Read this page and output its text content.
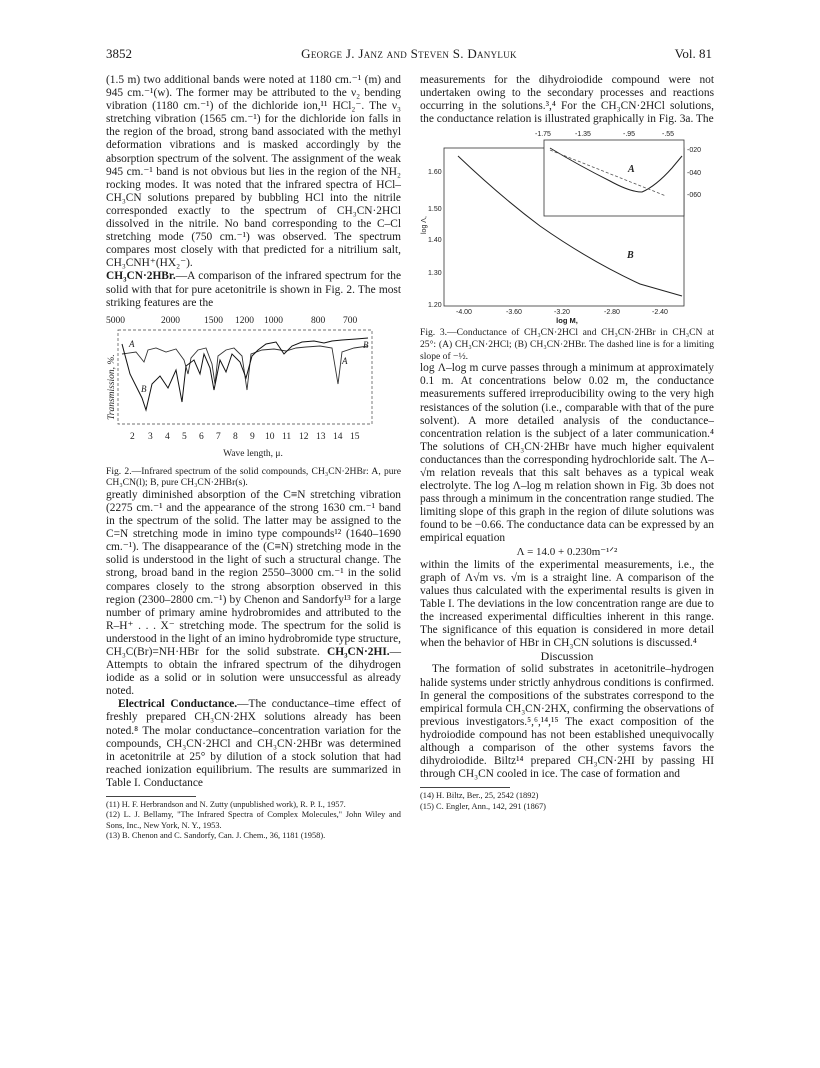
3852	George J. Janz and Steven S. Danyluk	Vol. 81

(1.5 m) two additional bands were noted at 1180 cm.⁻¹ (m) and 945 cm.⁻¹(w). The former may be attributed to the ν₂ bending vibration (1180 cm.⁻¹) of the dichloride ion,¹¹ HCl₂⁻. The ν₃ stretching vibration (1565 cm.⁻¹) for the dichloride ion falls in the region of the broad, strong band associated with the methyl deformation vibrations and is masked accordingly by the absorption spectrum of the solvent. The assignment of the weak 945 cm.⁻¹ band is not obvious but lies in the region of the NH₂ rocking modes. It was noted that the infrared spectra of HCl–CH₃CN solutions prepared by bubbling HCl into the nitrile corresponded exactly to the spectrum of CH₃CN·2HCl dissolved in the nitrile. No band corresponding to the C–Cl stretching mode (750 cm.⁻¹) was observed. The spectrum compares most closely with that predicted for a nitrilium salt, CH₃CNH⁺(HX₂⁻).

CH₃CN·2HBr.—A comparison of the infrared spectrum for the solid with that for pure acetonitrile is shown in Fig. 2. The most striking features are the

5000	2000	1500 1200 1000	800 700
A
B
B
A
Transmission, %.
2 3 4 5 6 7 8 9 10 11 12 13 14 15
Wave length, μ.

Fig. 2.—Infrared spectrum of the solid compounds, CH₃CN·2HBr: A, pure CH₃CN(l); B, pure CH₃CN·2HBr(s).

greatly diminished absorption of the C≡N stretching vibration (2275 cm.⁻¹ and the appearance of the strong 1630 cm.⁻¹ band in the spectrum of the solid. The latter may be assigned to the C=N stretching mode in imino type compounds¹² (1640–1690 cm.⁻¹). The disappearance of the (C≡N) stretching mode in the solid is understood in the light of such a structural change. The strong, broad band in the region 2550–3000 cm.⁻¹ in the solid compares closely to the strong absorption observed in this region (2300–2800 cm.⁻¹) by Chenon and Sandorfy¹³ for a large number of primary amine hydrobromides and attributed to the R–H⁺ . . . X⁻ stretching mode. The spectrum for the solid is understood in the light of an imino hydrobromide type structure, CH₃C(Br)=NH·HBr for the solid substrate. CH₃CN·2HI.—Attempts to obtain the infrared spectrum of the dihydrogen iodide as a solid or in solution were unsuccessful as already noted.

Electrical Conductance.—The conductance–time effect of freshly prepared CH₃CN·2HX solutions already has been noted.⁸ The molar conductance–concentration variation for the compounds, CH₃CN·2HCl and CH₃CN·2HBr was determined in acetonitrile at 25° by dilution of a stock solution that had reached ionization equilibrium. The results are summarized in Table I. Conductance

(11) H. F. Herbrandson and N. Zutty (unpublished work), R. P. I., 1957.

(12) L. J. Bellamy, "The Infrared Spectra of Complex Molecules," John Wiley and Sons, Inc., New York, N. Y., 1953.

(13) B. Chenon and C. Sandorfy, Can. J. Chem., 36, 1181 (1958).

measurements for the dihydroiodide compound were not undertaken owing to the secondary processes and reactions occurring in the solutions.³,⁴ For the CH₃CN·2HCl solutions, the conductance relation is illustrated graphically in Fig. 3a. The

-1.75	-1.35	-.95	-.55
-020
-040
-060
1.60
1.50
1.40
1.30
1.20
A
B
-4.00	-3.60	-3.20	-2.80	-2.40
log Λ,
log M,

Fig. 3.—Conductance of CH₃CN·2HCl and CH₃CN·2HBr in CH₃CN at 25°: (A) CH₃CN·2HCl; (B) CH₃CN·2HBr. The dashed line is for a limiting slope of −½.

log Λ–log m curve passes through a minimum at approximately 0.1 m. At concentrations below 0.02 m, the conductance measurements suffered irreproducibility owing to the very high resistances of the solution (i.e., comparable with that of the pure solvent). A more detailed analysis of the conductance–concentration relation is the subject of a later communication.⁴ The solutions of CH₃CN·2HBr have much higher equivalent conductances than the corresponding hydrochloride salt. The Λ–√m relation reveals that this salt behaves as a typical weak electrolyte. The log Λ–log m relation shown in Fig. 3b does not pass through a minimum in the concentration range studied. The limiting slope of this graph in the region of dilute solutions was found to be −0.66. The conductance data can be expressed by an empirical equation

Λ = 14.0 + 0.230m⁻¹ᐟ²

within the limits of the experimental measurements, i.e., the graph of Λ√m vs. √m is a straight line. A comparison of the values thus calculated with the experimental results is given in Table I. The deviations in the low concentration range are due to the increased experimental difficulties inherent in this range. The significance of this equation is considered in more detail when the behavior of HBr in CH₃CN solutions is discussed.⁴

Discussion

The formation of solid substrates in acetonitrile–hydrogen halide systems under strictly anhydrous conditions is confirmed. In general the compositions of the substrates correspond to the empirical formula CH₃CN·2HX, confirming the observations of previous investigators.⁵,⁶,¹⁴,¹⁵ The exact composition of the hydroiodide compound has not been established unequivocally although a comparison of the other systems favors the dihydroiodide. Biltz¹⁴ prepared CH₃CN·2HI by passing HI through CH₃CN cooled in ice. The case of formation and

(14) H. Biltz, Ber., 25, 2542 (1892)

(15) C. Engler, Ann., 142, 291 (1867)
